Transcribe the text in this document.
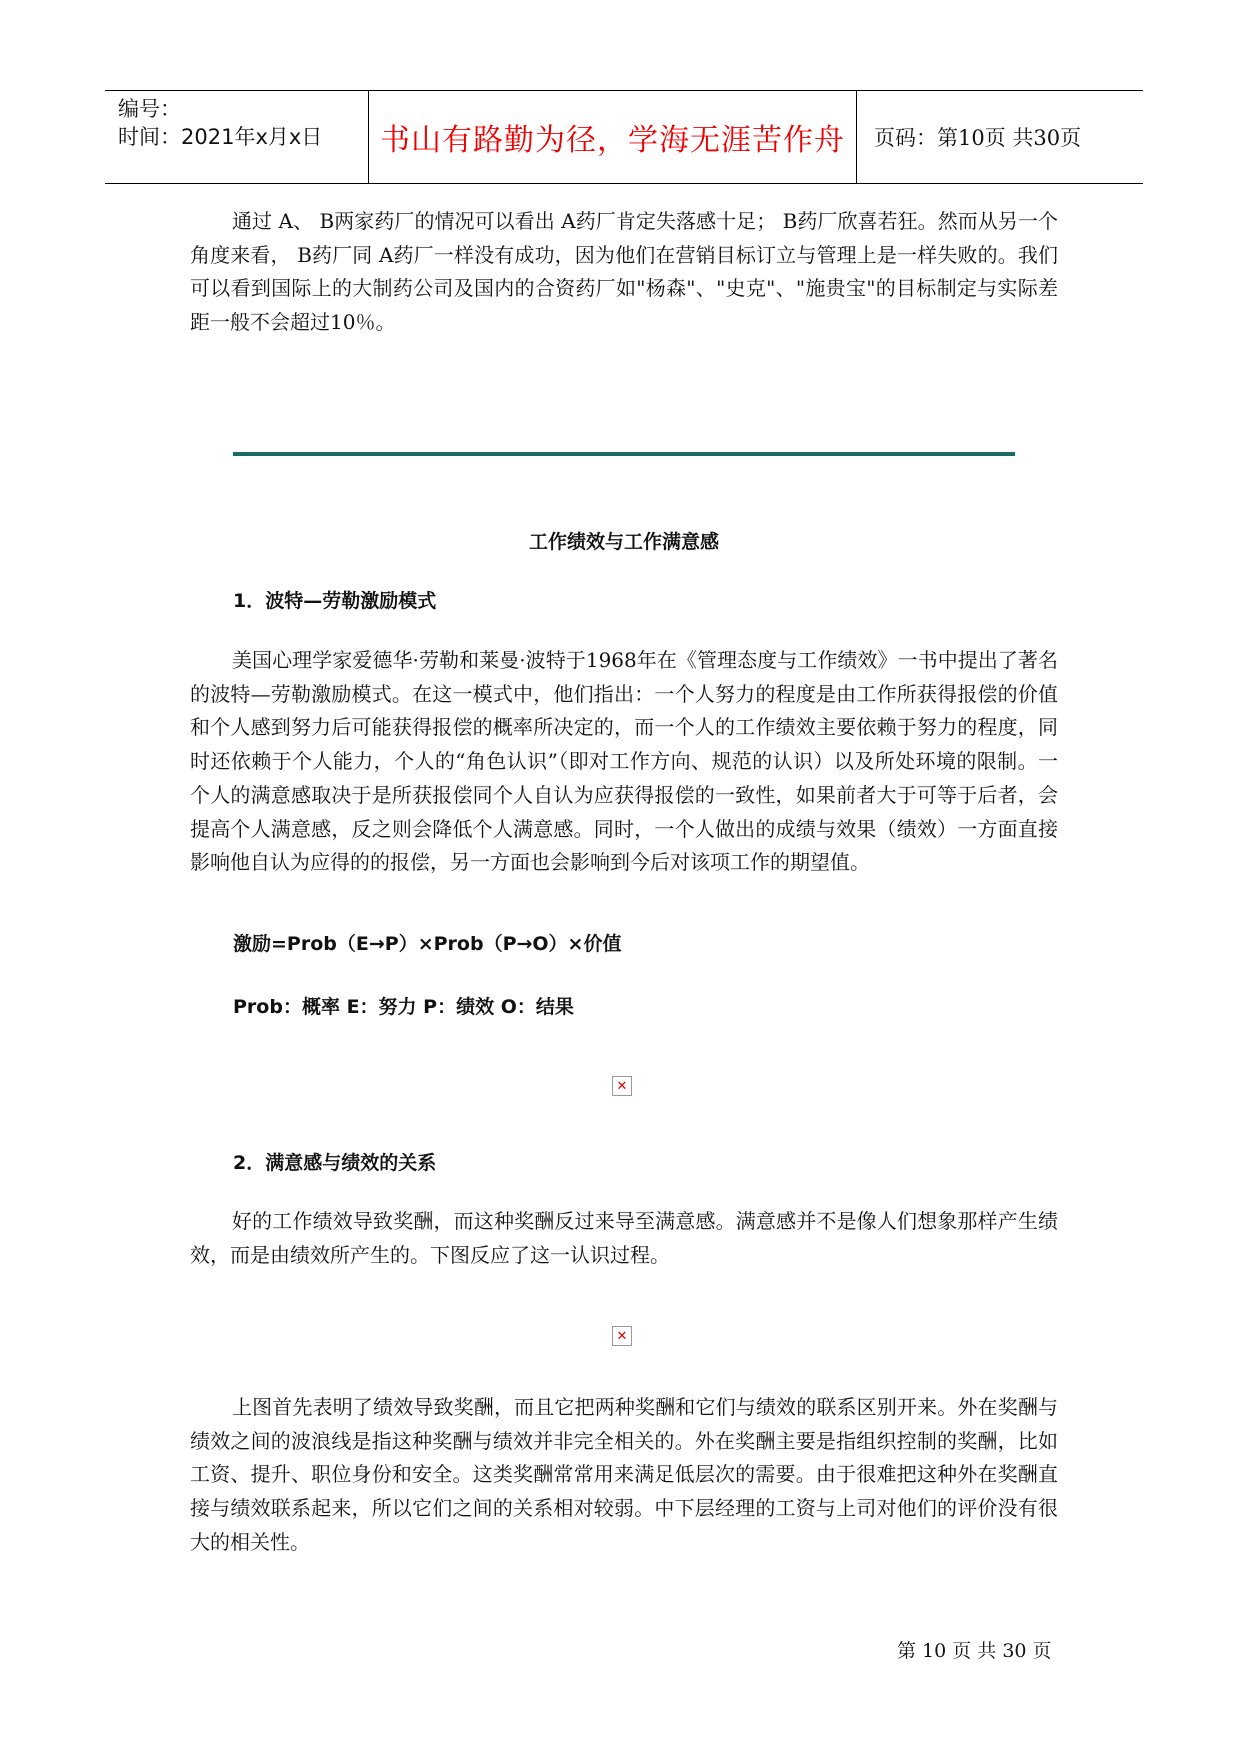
编号：
时间：2021年x月x日 书山有路勤为径，学海无涯苦作舟 页码：第10页 共30页

通过 A、 B两家药厂的情况可以看出 A药厂肯定失落感十足； B药厂欣喜若狂。然而从另一个角度来看， B药厂同 A药厂一样没有成功，因为他们在营销目标订立与管理上是一样失败的。我们可以看到国际上的大制药公司及国内的合资药厂如"杨森"、"史克"、"施贵宝"的目标制定与实际差距一般不会超过10％。

工作绩效与工作满意感
1．波特—劳勒激励模式

美国心理学家爱德华·劳勒和莱曼·波特于1968年在《管理态度与工作绩效》一书中提出了著名的波特—劳勒激励模式。在这一模式中，他们指出：一个人努力的程度是由工作所获得报偿的价值和个人感到努力后可能获得报偿的概率所决定的，而一个人的工作绩效主要依赖于努力的程度，同时还依赖于个人能力，个人的“角色认识”（即对工作方向、规范的认识）以及所处环境的限制。一个人的满意感取决于是所获报偿同个人自认为应获得报偿的一致性，如果前者大于可等于后者，会提高个人满意感，反之则会降低个人满意感。同时，一个人做出的成绩与效果（绩效）一方面直接影响他自认为应得的的报偿，另一方面也会影响到今后对该项工作的期望值。

激励=Prob（E→P）×Prob（P→O）×价值
Prob：概率 E：努力 P：绩效 O：结果
✕
2．满意感与绩效的关系

好的工作绩效导致奖酬，而这种奖酬反过来导至满意感。满意感并不是像人们想象那样产生绩效，而是由绩效所产生的。下图反应了这一认识过程。

✕

上图首先表明了绩效导致奖酬，而且它把两种奖酬和它们与绩效的联系区别开来。外在奖酬与绩效之间的波浪线是指这种奖酬与绩效并非完全相关的。外在奖酬主要是指组织控制的奖酬，比如工资、提升、职位身份和安全。这类奖酬常常用来满足低层次的需要。由于很难把这种外在奖酬直接与绩效联系起来，所以它们之间的关系相对较弱。中下层经理的工资与上司对他们的评价没有很大的相关性。

第 10 页 共 30 页
